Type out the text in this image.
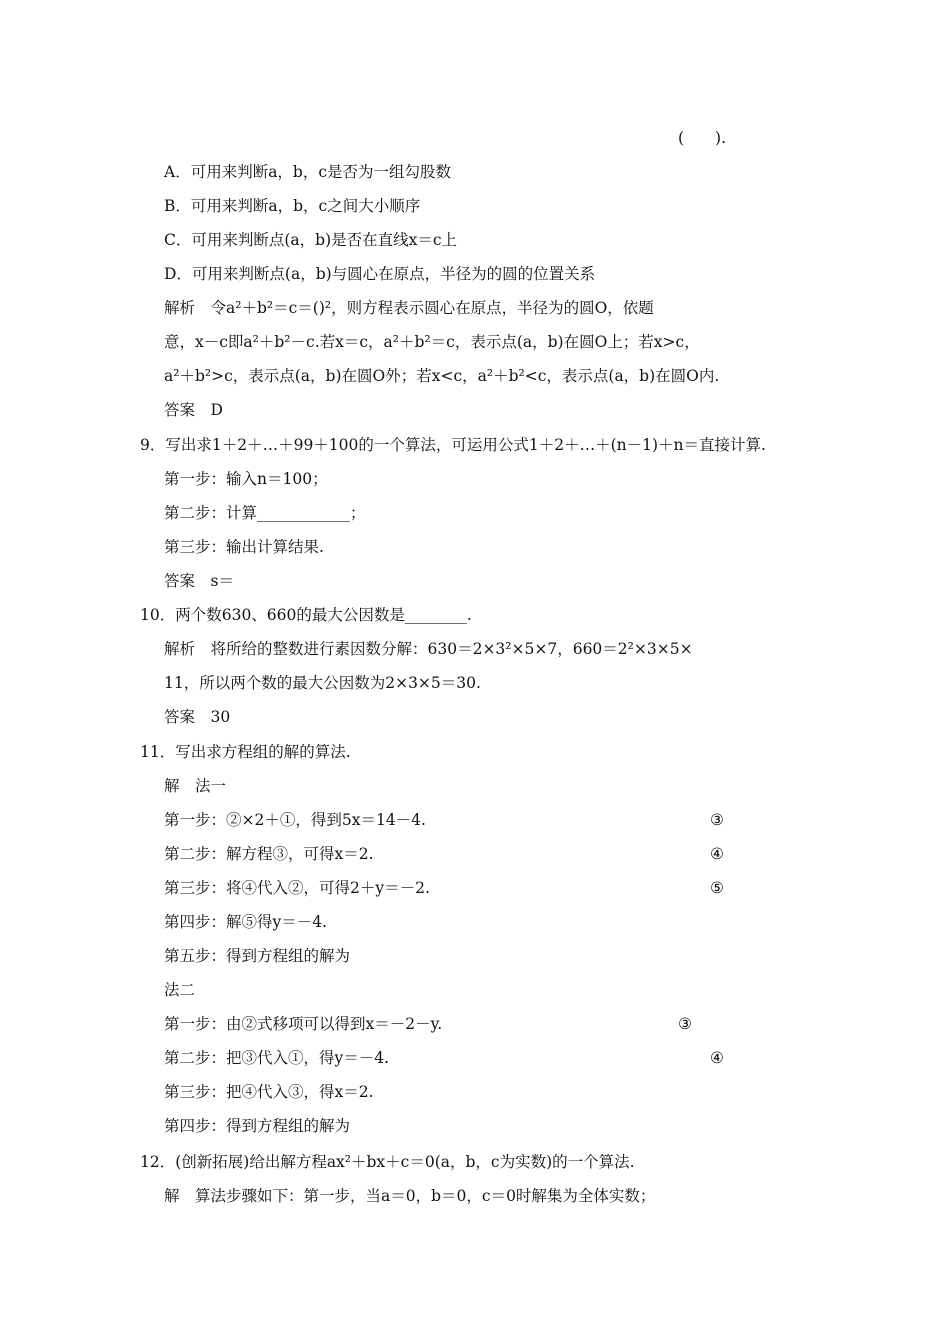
(　　).
A．可用来判断a，b，c是否为一组勾股数
B．可用来判断a，b，c之间大小顺序
C．可用来判断点(a，b)是否在直线x＝c上
D．可用来判断点(a，b)与圆心在原点，半径为的圆的位置关系
解析　令a²＋b²＝c＝()²，则方程表示圆心在原点，半径为的圆O，依题
意，x－c即a²＋b²－c.若x＝c，a²＋b²＝c，表示点(a，b)在圆O上；若x>c，
a²＋b²>c，表示点(a，b)在圆O外；若x<c，a²＋b²<c，表示点(a，b)在圆O内.
答案　D
9．写出求1＋2＋…＋99＋100的一个算法，可运用公式1＋2＋…＋(n－1)＋n＝直接计算.
第一步：输入n＝100；
第二步：计算____________；
第三步：输出计算结果.
答案　s＝
10．两个数630、660的最大公因数是________.
解析　将所给的整数进行素因数分解：630＝2×3²×5×7，660＝2²×3×5×
11，所以两个数的最大公因数为2×3×5＝30.
答案　30
11．写出求方程组的解的算法.
解　法一
第一步：②×2＋①，得到5x＝14－4.
第二步：解方程③，可得x＝2.
第三步：将④代入②，可得2＋y＝－2.
第四步：解⑤得y＝－4.
第五步：得到方程组的解为
法二
第一步：由②式移项可以得到x＝－2－y.
第二步：把③代入①，得y＝－4.
第三步：把④代入③，得x＝2.
第四步：得到方程组的解为
12．(创新拓展)给出解方程ax²＋bx＋c＝0(a，b，c为实数)的一个算法.
解　算法步骤如下：第一步，当a＝0，b＝0，c＝0时解集为全体实数；
③
④
⑤
③
④
